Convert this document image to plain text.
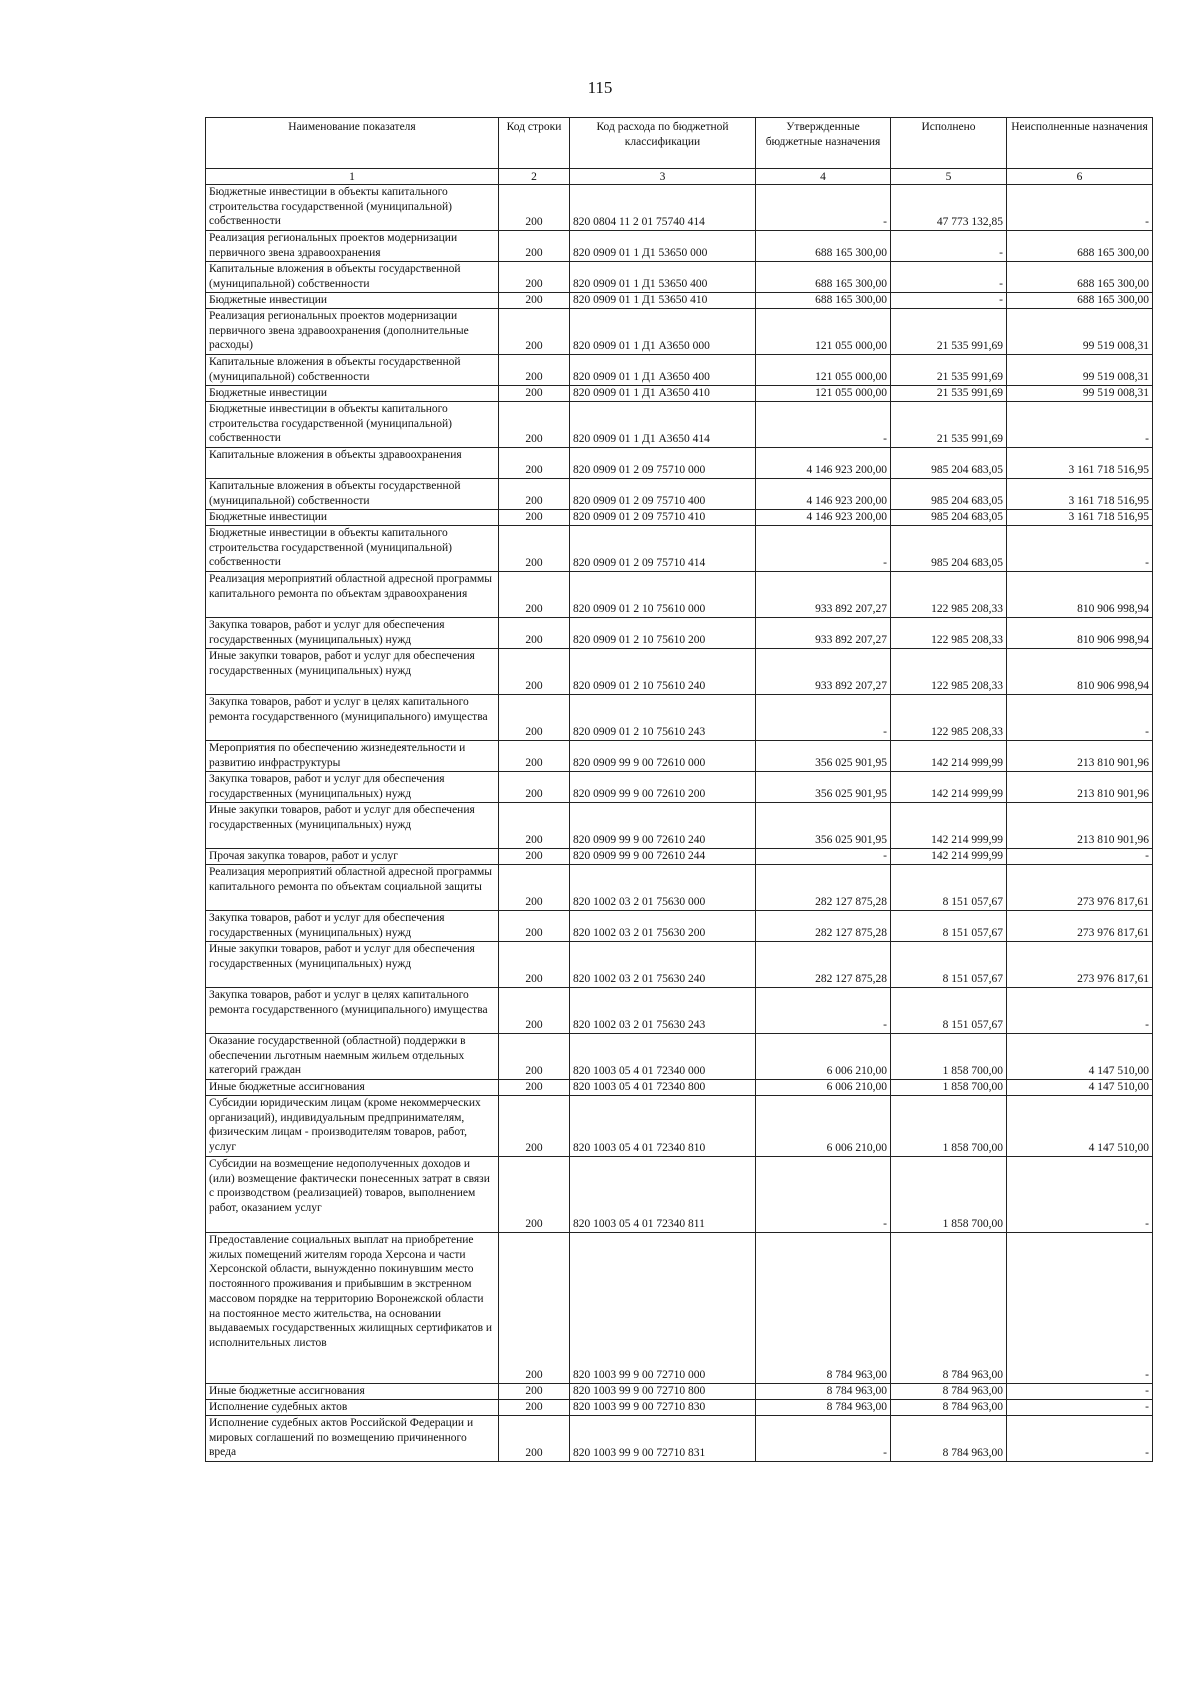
115
Наименование показателя	Код строки	Код расхода по бюджетной классификации	Утвержденные бюджетные назначения	Исполнено	Неисполненные назначения
1	2	3	4	5	6
Бюджетные инвестиции в объекты капитального строительства государственной (муниципальной) собственности	200	820 0804 11 2 01 75740 414	-	47 773 132,85	-
Реализация региональных проектов модернизации первичного звена здравоохранения	200	820 0909 01 1 Д1 53650 000	688 165 300,00	-	688 165 300,00
Капитальные вложения в объекты государственной (муниципальной) собственности	200	820 0909 01 1 Д1 53650 400	688 165 300,00	-	688 165 300,00
Бюджетные инвестиции	200	820 0909 01 1 Д1 53650 410	688 165 300,00	-	688 165 300,00
Реализация региональных проектов модернизации первичного звена здравоохранения (дополнительные расходы)	200	820 0909 01 1 Д1 А3650 000	121 055 000,00	21 535 991,69	99 519 008,31
Капитальные вложения в объекты государственной (муниципальной) собственности	200	820 0909 01 1 Д1 А3650 400	121 055 000,00	21 535 991,69	99 519 008,31
Бюджетные инвестиции	200	820 0909 01 1 Д1 А3650 410	121 055 000,00	21 535 991,69	99 519 008,31
Бюджетные инвестиции в объекты капитального строительства государственной (муниципальной) собственности	200	820 0909 01 1 Д1 А3650 414	-	21 535 991,69	-
Капитальные вложения в объекты здравоохранения	200	820 0909 01 2 09 75710 000	4 146 923 200,00	985 204 683,05	3 161 718 516,95
Капитальные вложения в объекты государственной (муниципальной) собственности	200	820 0909 01 2 09 75710 400	4 146 923 200,00	985 204 683,05	3 161 718 516,95
Бюджетные инвестиции	200	820 0909 01 2 09 75710 410	4 146 923 200,00	985 204 683,05	3 161 718 516,95
Бюджетные инвестиции в объекты капитального строительства государственной (муниципальной) собственности	200	820 0909 01 2 09 75710 414	-	985 204 683,05	-
Реализация мероприятий областной адресной программы капитального ремонта по объектам здравоохранения	200	820 0909 01 2 10 75610 000	933 892 207,27	122 985 208,33	810 906 998,94
Закупка товаров, работ и услуг для обеспечения государственных (муниципальных) нужд	200	820 0909 01 2 10 75610 200	933 892 207,27	122 985 208,33	810 906 998,94
Иные закупки товаров, работ и услуг для обеспечения государственных (муниципальных) нужд	200	820 0909 01 2 10 75610 240	933 892 207,27	122 985 208,33	810 906 998,94
Закупка товаров, работ и услуг в целях капитального ремонта государственного (муниципального) имущества	200	820 0909 01 2 10 75610 243	-	122 985 208,33	-
Мероприятия по обеспечению жизнедеятельности и развитию инфраструктуры	200	820 0909 99 9 00 72610 000	356 025 901,95	142 214 999,99	213 810 901,96
Закупка товаров, работ и услуг для обеспечения государственных (муниципальных) нужд	200	820 0909 99 9 00 72610 200	356 025 901,95	142 214 999,99	213 810 901,96
Иные закупки товаров, работ и услуг для обеспечения государственных (муниципальных) нужд	200	820 0909 99 9 00 72610 240	356 025 901,95	142 214 999,99	213 810 901,96
Прочая закупка товаров, работ и услуг	200	820 0909 99 9 00 72610 244	-	142 214 999,99	-
Реализация мероприятий областной адресной программы капитального ремонта по объектам социальной защиты	200	820 1002 03 2 01 75630 000	282 127 875,28	8 151 057,67	273 976 817,61
Закупка товаров, работ и услуг для обеспечения государственных (муниципальных) нужд	200	820 1002 03 2 01 75630 200	282 127 875,28	8 151 057,67	273 976 817,61
Иные закупки товаров, работ и услуг для обеспечения государственных (муниципальных) нужд	200	820 1002 03 2 01 75630 240	282 127 875,28	8 151 057,67	273 976 817,61
Закупка товаров, работ и услуг в целях капитального ремонта государственного (муниципального) имущества	200	820 1002 03 2 01 75630 243	-	8 151 057,67	-
Оказание государственной (областной) поддержки в обеспечении льготным наемным жильем отдельных категорий граждан	200	820 1003 05 4 01 72340 000	6 006 210,00	1 858 700,00	4 147 510,00
Иные бюджетные ассигнования	200	820 1003 05 4 01 72340 800	6 006 210,00	1 858 700,00	4 147 510,00
Субсидии юридическим лицам (кроме некоммерческих организаций), индивидуальным предпринимателям, физическим лицам - производителям товаров, работ, услуг	200	820 1003 05 4 01 72340 810	6 006 210,00	1 858 700,00	4 147 510,00
Субсидии на возмещение недополученных доходов и (или) возмещение фактически понесенных затрат в связи с производством (реализацией) товаров, выполнением работ, оказанием услуг	200	820 1003 05 4 01 72340 811	-	1 858 700,00	-
Предоставление социальных выплат на приобретение жилых помещений жителям города Херсона и части Херсонской области, вынужденно покинувшим место постоянного проживания и прибывшим в экстренном массовом порядке на территорию Воронежской области на постоянное место жительства, на основании выдаваемых государственных жилищных сертификатов и исполнительных листов	200	820 1003 99 9 00 72710 000	8 784 963,00	8 784 963,00	-
Иные бюджетные ассигнования	200	820 1003 99 9 00 72710 800	8 784 963,00	8 784 963,00	-
Исполнение судебных актов	200	820 1003 99 9 00 72710 830	8 784 963,00	8 784 963,00	-
Исполнение судебных актов Российской Федерации и мировых соглашений по возмещению причиненного вреда	200	820 1003 99 9 00 72710 831	-	8 784 963,00	-
